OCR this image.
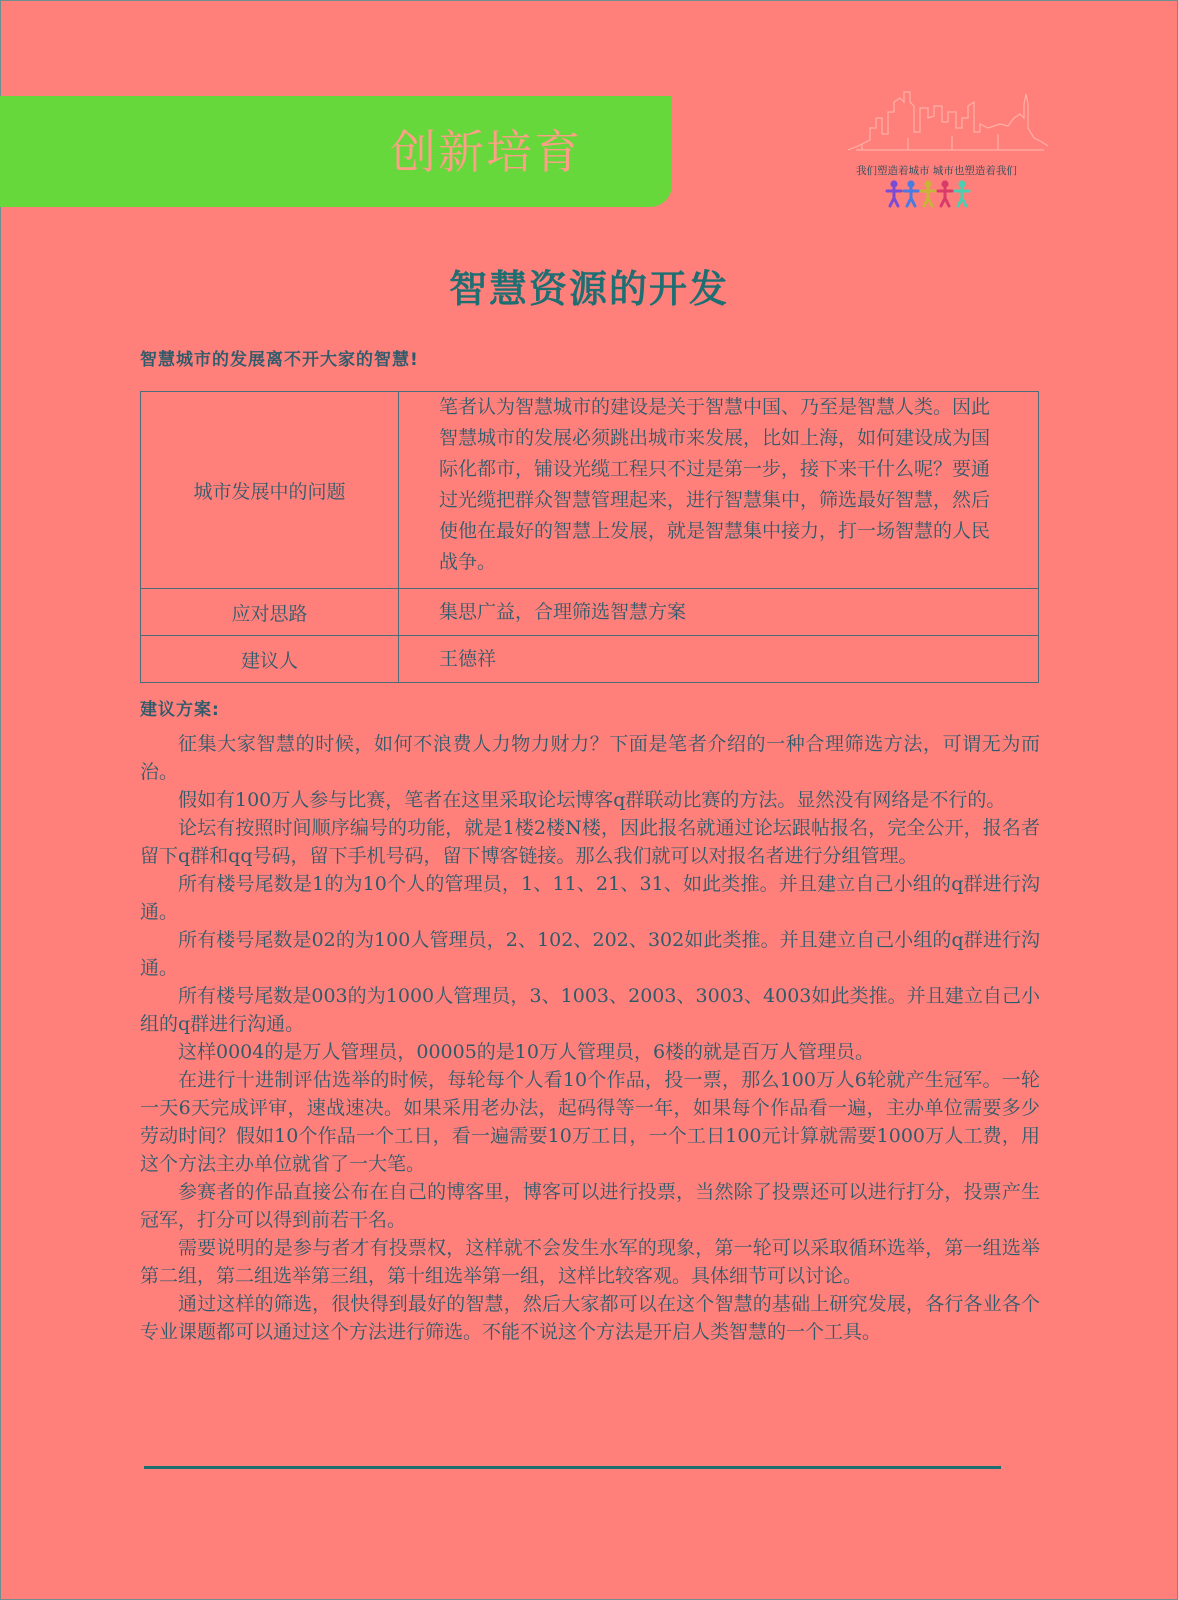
创新培育	我们塑造着城市 城市也塑造着我们
智慧资源的开发
智慧城市的发展离不开大家的智慧!
城市发展中的问题	笔者认为智慧城市的建设是关于智慧中国、乃至是智慧人类。因此智慧城市的发展必须跳出城市来发展，比如上海，如何建设成为国际化都市，铺设光缆工程只不过是第一步，接下来干什么呢？要通过光缆把群众智慧管理起来，进行智慧集中，筛选最好智慧，然后使他在最好的智慧上发展，就是智慧集中接力，打一场智慧的人民战争。
应对思路	集思广益，合理筛选智慧方案
建议人	王德祥
建议方案:

征集大家智慧的时候，如何不浪费人力物力财力？下面是笔者介绍的一种合理筛选方法，可谓无为而治。

假如有100万人参与比赛，笔者在这里采取论坛博客q群联动比赛的方法。显然没有网络是不行的。

论坛有按照时间顺序编号的功能，就是1楼2楼N楼，因此报名就通过论坛跟帖报名，完全公开，报名者留下q群和qq号码，留下手机号码，留下博客链接。那么我们就可以对报名者进行分组管理。

所有楼号尾数是1的为10个人的管理员，1、11、21、31、如此类推。并且建立自己小组的q群进行沟通。

所有楼号尾数是02的为100人管理员，2、102、202、302如此类推。并且建立自己小组的q群进行沟通。

所有楼号尾数是003的为1000人管理员，3、1003、2003、3003、4003如此类推。并且建立自己小组的q群进行沟通。

这样0004的是万人管理员，00005的是10万人管理员，6楼的就是百万人管理员。

在进行十进制评估选举的时候，每轮每个人看10个作品，投一票，那么100万人6轮就产生冠军。一轮一天6天完成评审，速战速决。如果采用老办法，起码得等一年，如果每个作品看一遍，主办单位需要多少劳动时间？假如10个作品一个工日，看一遍需要10万工日，一个工日100元计算就需要1000万人工费，用这个方法主办单位就省了一大笔。

参赛者的作品直接公布在自己的博客里，博客可以进行投票，当然除了投票还可以进行打分，投票产生冠军，打分可以得到前若干名。

需要说明的是参与者才有投票权，这样就不会发生水军的现象，第一轮可以采取循环选举，第一组选举第二组，第二组选举第三组，第十组选举第一组，这样比较客观。具体细节可以讨论。

通过这样的筛选，很快得到最好的智慧，然后大家都可以在这个智慧的基础上研究发展，各行各业各个专业课题都可以通过这个方法进行筛选。不能不说这个方法是开启人类智慧的一个工具。
